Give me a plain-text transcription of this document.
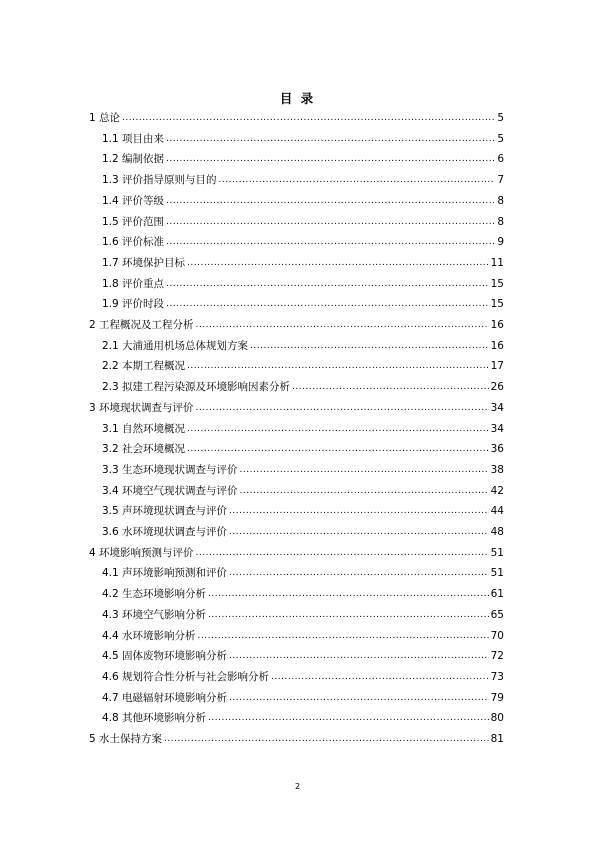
目 录
1 总论 .....	5
1.1 项目由来 .....	5
1.2 编制依据 .....	6
1.3 评价指导原则与目的 .....	7
1.4 评价等级 .....	8
1.5 评价范围 .....	8
1.6 评价标准 .....	9
1.7 环境保护目标 .....	11
1.8 评价重点 .....	15
1.9 评价时段 .....	15
2 工程概况及工程分析 .....	16
2.1 大浦通用机场总体规划方案 .....	16
2.2 本期工程概况 .....	17
2.3 拟建工程污染源及环境影响因素分析 .....	26
3 环境现状调查与评价 .....	34
3.1 自然环境概况 .....	34
3.2 社会环境概况 .....	36
3.3 生态环境现状调查与评价 .....	38
3.4 环境空气现状调查与评价 .....	42
3.5 声环境现状调查与评价 .....	44
3.6 水环境现状调查与评价 .....	48
4 环境影响预测与评价 .....	51
4.1 声环境影响预测和评价 .....	51
4.2 生态环境影响分析 .....	61
4.3 环境空气影响分析 .....	65
4.4 水环境影响分析 .....	70
4.5 固体废物环境影响分析 .....	72
4.6 规划符合性分析与社会影响分析 .....	73
4.7 电磁辐射环境影响分析 .....	79
4.8 其他环境影响分析 .....	80
5 水土保持方案 .....	81
2
